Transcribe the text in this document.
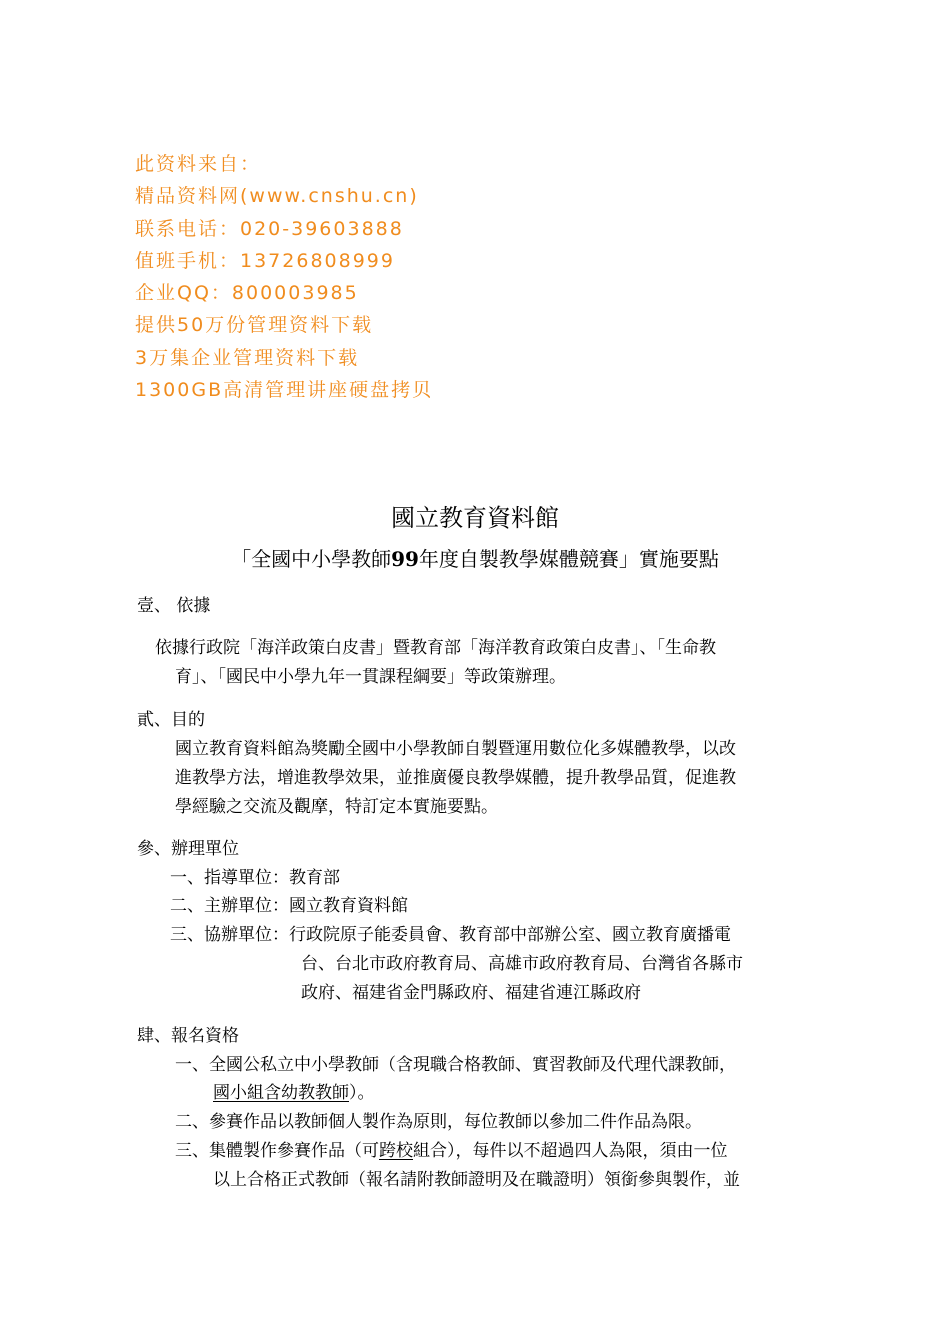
此资料来自：
精品资料网(www.cnshu.cn)
联系电话：020-39603888
值班手机：13726808999
企业QQ：800003985
提供50万份管理资料下载
3万集企业管理资料下载
1300GB高清管理讲座硬盘拷贝
國立教育資料館
「全國中小學教師99年度自製教學媒體競賽」實施要點
壹、 依據
依據行政院「海洋政策白皮書」暨教育部「海洋教育政策白皮書」、「生命教
育」、「國民中小學九年一貫課程綱要」等政策辦理。
貳、目的
國立教育資料館為獎勵全國中小學教師自製暨運用數位化多媒體教學，以改
進教學方法，增進教學效果，並推廣優良教學媒體，提升教學品質，促進教
學經驗之交流及觀摩，特訂定本實施要點。
參、辦理單位
一、指導單位：教育部
二、主辦單位：國立教育資料館
三、協辦單位：行政院原子能委員會、教育部中部辦公室、國立教育廣播電
台、台北市政府教育局、高雄市政府教育局、台灣省各縣市
政府、福建省金門縣政府、福建省連江縣政府
肆、報名資格
一、全國公私立中小學教師（含現職合格教師、實習教師及代理代課教師，
國小組含幼教教師）。
二、參賽作品以教師個人製作為原則，每位教師以參加二件作品為限。
三、集體製作參賽作品（可跨校組合），每件以不超過四人為限，須由一位
以上合格正式教師（報名請附教師證明及在職證明）領銜參與製作，並
